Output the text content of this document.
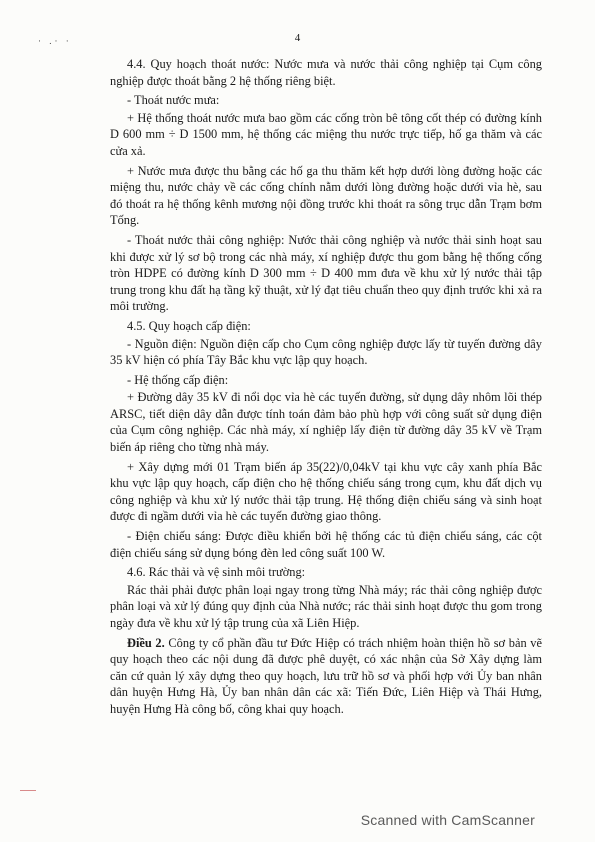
· .· ·	4

4.4. Quy hoạch thoát nước: Nước mưa và nước thải công nghiệp tại Cụm công nghiệp được thoát bằng 2 hệ thống riêng biệt.

- Thoát nước mưa:

+ Hệ thống thoát nước mưa bao gồm các cống tròn bê tông cốt thép có đường kính D 600 mm ÷ D 1500 mm, hệ thống các miệng thu nước trực tiếp, hố ga thăm và các cửa xả.

+ Nước mưa được thu bằng các hố ga thu thăm kết hợp dưới lòng đường hoặc các miệng thu, nước chảy về các cống chính nằm dưới lòng đường hoặc dưới vỉa hè, sau đó thoát ra hệ thống kênh mương nội đồng trước khi thoát ra sông trục dẫn Trạm bơm Tống.

- Thoát nước thải công nghiệp: Nước thải công nghiệp và nước thải sinh hoạt sau khi được xử lý sơ bộ trong các nhà máy, xí nghiệp được thu gom bằng hệ thống cống tròn HDPE có đường kính D 300 mm ÷ D 400 mm đưa về khu xử lý nước thải tập trung trong khu đất hạ tầng kỹ thuật, xử lý đạt tiêu chuẩn theo quy định trước khi xả ra môi trường.

4.5. Quy hoạch cấp điện:

- Nguồn điện: Nguồn điện cấp cho Cụm công nghiệp được lấy từ tuyến đường dây 35 kV hiện có phía Tây Bắc khu vực lập quy hoạch.

- Hệ thống cấp điện:

+ Đường dây 35 kV đi nổi dọc vỉa hè các tuyến đường, sử dụng dây nhôm lõi thép ARSC, tiết diện dây dẫn được tính toán đảm bảo phù hợp với công suất sử dụng điện của Cụm công nghiệp. Các nhà máy, xí nghiệp lấy điện từ đường dây 35 kV về Trạm biến áp riêng cho từng nhà máy.

+ Xây dựng mới 01 Trạm biến áp 35(22)/0,04kV tại khu vực cây xanh phía Bắc khu vực lập quy hoạch, cấp điện cho hệ thống chiếu sáng trong cụm, khu đất dịch vụ công nghiệp và khu xử lý nước thải tập trung. Hệ thống điện chiếu sáng và sinh hoạt được đi ngầm dưới vỉa hè các tuyến đường giao thông.

- Điện chiếu sáng: Được điều khiển bởi hệ thống các tủ điện chiếu sáng, các cột điện chiếu sáng sử dụng bóng đèn led công suất 100 W.

4.6. Rác thải và vệ sinh môi trường:

Rác thải phải được phân loại ngay trong từng Nhà máy; rác thải công nghiệp được phân loại và xử lý đúng quy định của Nhà nước; rác thải sinh hoạt được thu gom trong ngày đưa về khu xử lý tập trung của xã Liên Hiệp.

Điều 2. Công ty cổ phần đầu tư Đức Hiệp có trách nhiệm hoàn thiện hồ sơ bản vẽ quy hoạch theo các nội dung đã được phê duyệt, có xác nhận của Sở Xây dựng làm căn cứ quản lý xây dựng theo quy hoạch, lưu trữ hồ sơ và phối hợp với Ủy ban nhân dân huyện Hưng Hà, Ủy ban nhân dân các xã: Tiến Đức, Liên Hiệp và Thái Hưng, huyện Hưng Hà công bố, công khai quy hoạch.

Scanned with CamScanner
